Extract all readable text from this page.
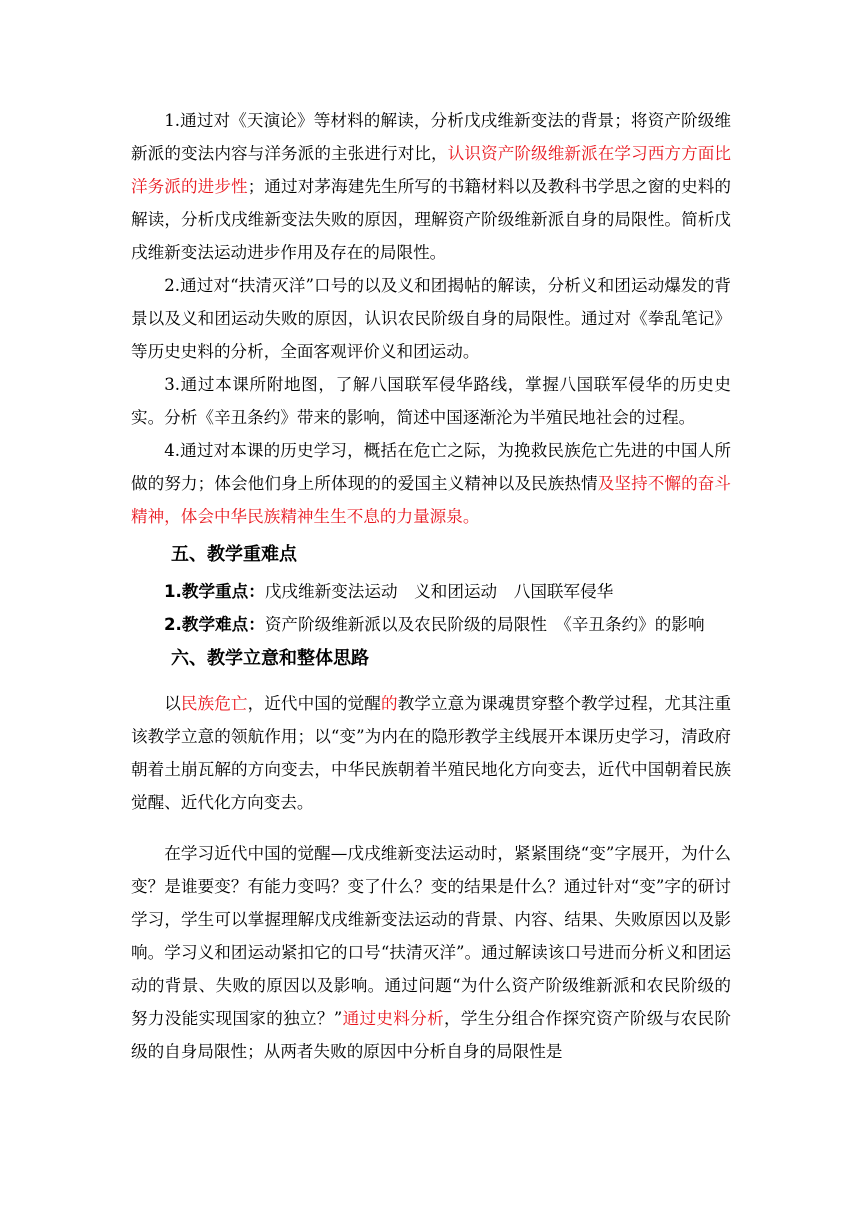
1.通过对《天演论》等材料的解读，分析戊戌维新变法的背景；将资产阶级维新派的变法内容与洋务派的主张进行对比，认识资产阶级维新派在学习西方方面比洋务派的进步性；通过对茅海建先生所写的书籍材料以及教科书学思之窗的史料的解读，分析戊戌维新变法失败的原因，理解资产阶级维新派自身的局限性。简析戊戌维新变法运动进步作用及存在的局限性。

2.通过对“扶清灭洋”口号的以及义和团揭帖的解读，分析义和团运动爆发的背景以及义和团运动失败的原因，认识农民阶级自身的局限性。通过对《拳乱笔记》等历史史料的分析，全面客观评价义和团运动。

3.通过本课所附地图，了解八国联军侵华路线，掌握八国联军侵华的历史史实。分析《辛丑条约》带来的影响，简述中国逐渐沦为半殖民地社会的过程。

4.通过对本课的历史学习，概括在危亡之际，为挽救民族危亡先进的中国人所做的努力；体会他们身上所体现的的爱国主义精神以及民族热情及坚持不懈的奋斗精神，体会中华民族精神生生不息的力量源泉。

五、教学重难点

1.教学重点：戊戌维新变法运动　义和团运动　八国联军侵华

2.教学难点：资产阶级维新派以及农民阶级的局限性　《辛丑条约》的影响

六、教学立意和整体思路

以民族危亡，近代中国的觉醒的教学立意为课魂贯穿整个教学过程，尤其注重该教学立意的领航作用；以“变”为内在的隐形教学主线展开本课历史学习，清政府朝着土崩瓦解的方向变去，中华民族朝着半殖民地化方向变去，近代中国朝着民族觉醒、近代化方向变去。

在学习近代中国的觉醒—戊戌维新变法运动时，紧紧围绕“变”字展开，为什么变？是谁要变？有能力变吗？变了什么？变的结果是什么？通过针对“变”字的研讨学习，学生可以掌握理解戊戌维新变法运动的背景、内容、结果、失败原因以及影响。学习义和团运动紧扣它的口号“扶清灭洋”。通过解读该口号进而分析义和团运动的背景、失败的原因以及影响。通过问题“为什么资产阶级维新派和农民阶级的努力没能实现国家的独立？”通过史料分析，学生分组合作探究资产阶级与农民阶级的自身局限性；从两者失败的原因中分析自身的局限性是
